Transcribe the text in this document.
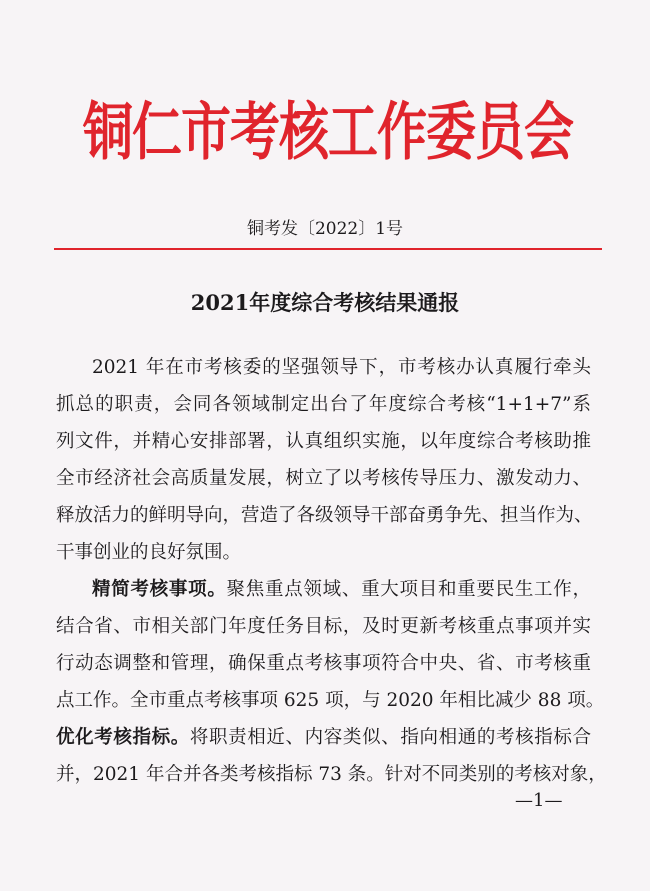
铜仁市考核工作委员会
铜考发〔2022〕1号
2021年度综合考核结果通报
2021 年在市考核委的坚强领导下，市考核办认真履行牵头
抓总的职责，会同各领域制定出台了年度综合考核“1+1+7”系
列文件，并精心安排部署，认真组织实施，以年度综合考核助推
全市经济社会高质量发展，树立了以考核传导压力、激发动力、
释放活力的鲜明导向，营造了各级领导干部奋勇争先、担当作为、
干事创业的良好氛围。
精简考核事项。聚焦重点领域、重大项目和重要民生工作，
结合省、市相关部门年度任务目标，及时更新考核重点事项并实
行动态调整和管理，确保重点考核事项符合中央、省、市考核重
点工作。全市重点考核事项 625 项，与 2020 年相比减少 88 项。
优化考核指标。将职责相近、内容类似、指向相通的考核指标合
并，2021 年合并各类考核指标 73 条。针对不同类别的考核对象，
—1—
